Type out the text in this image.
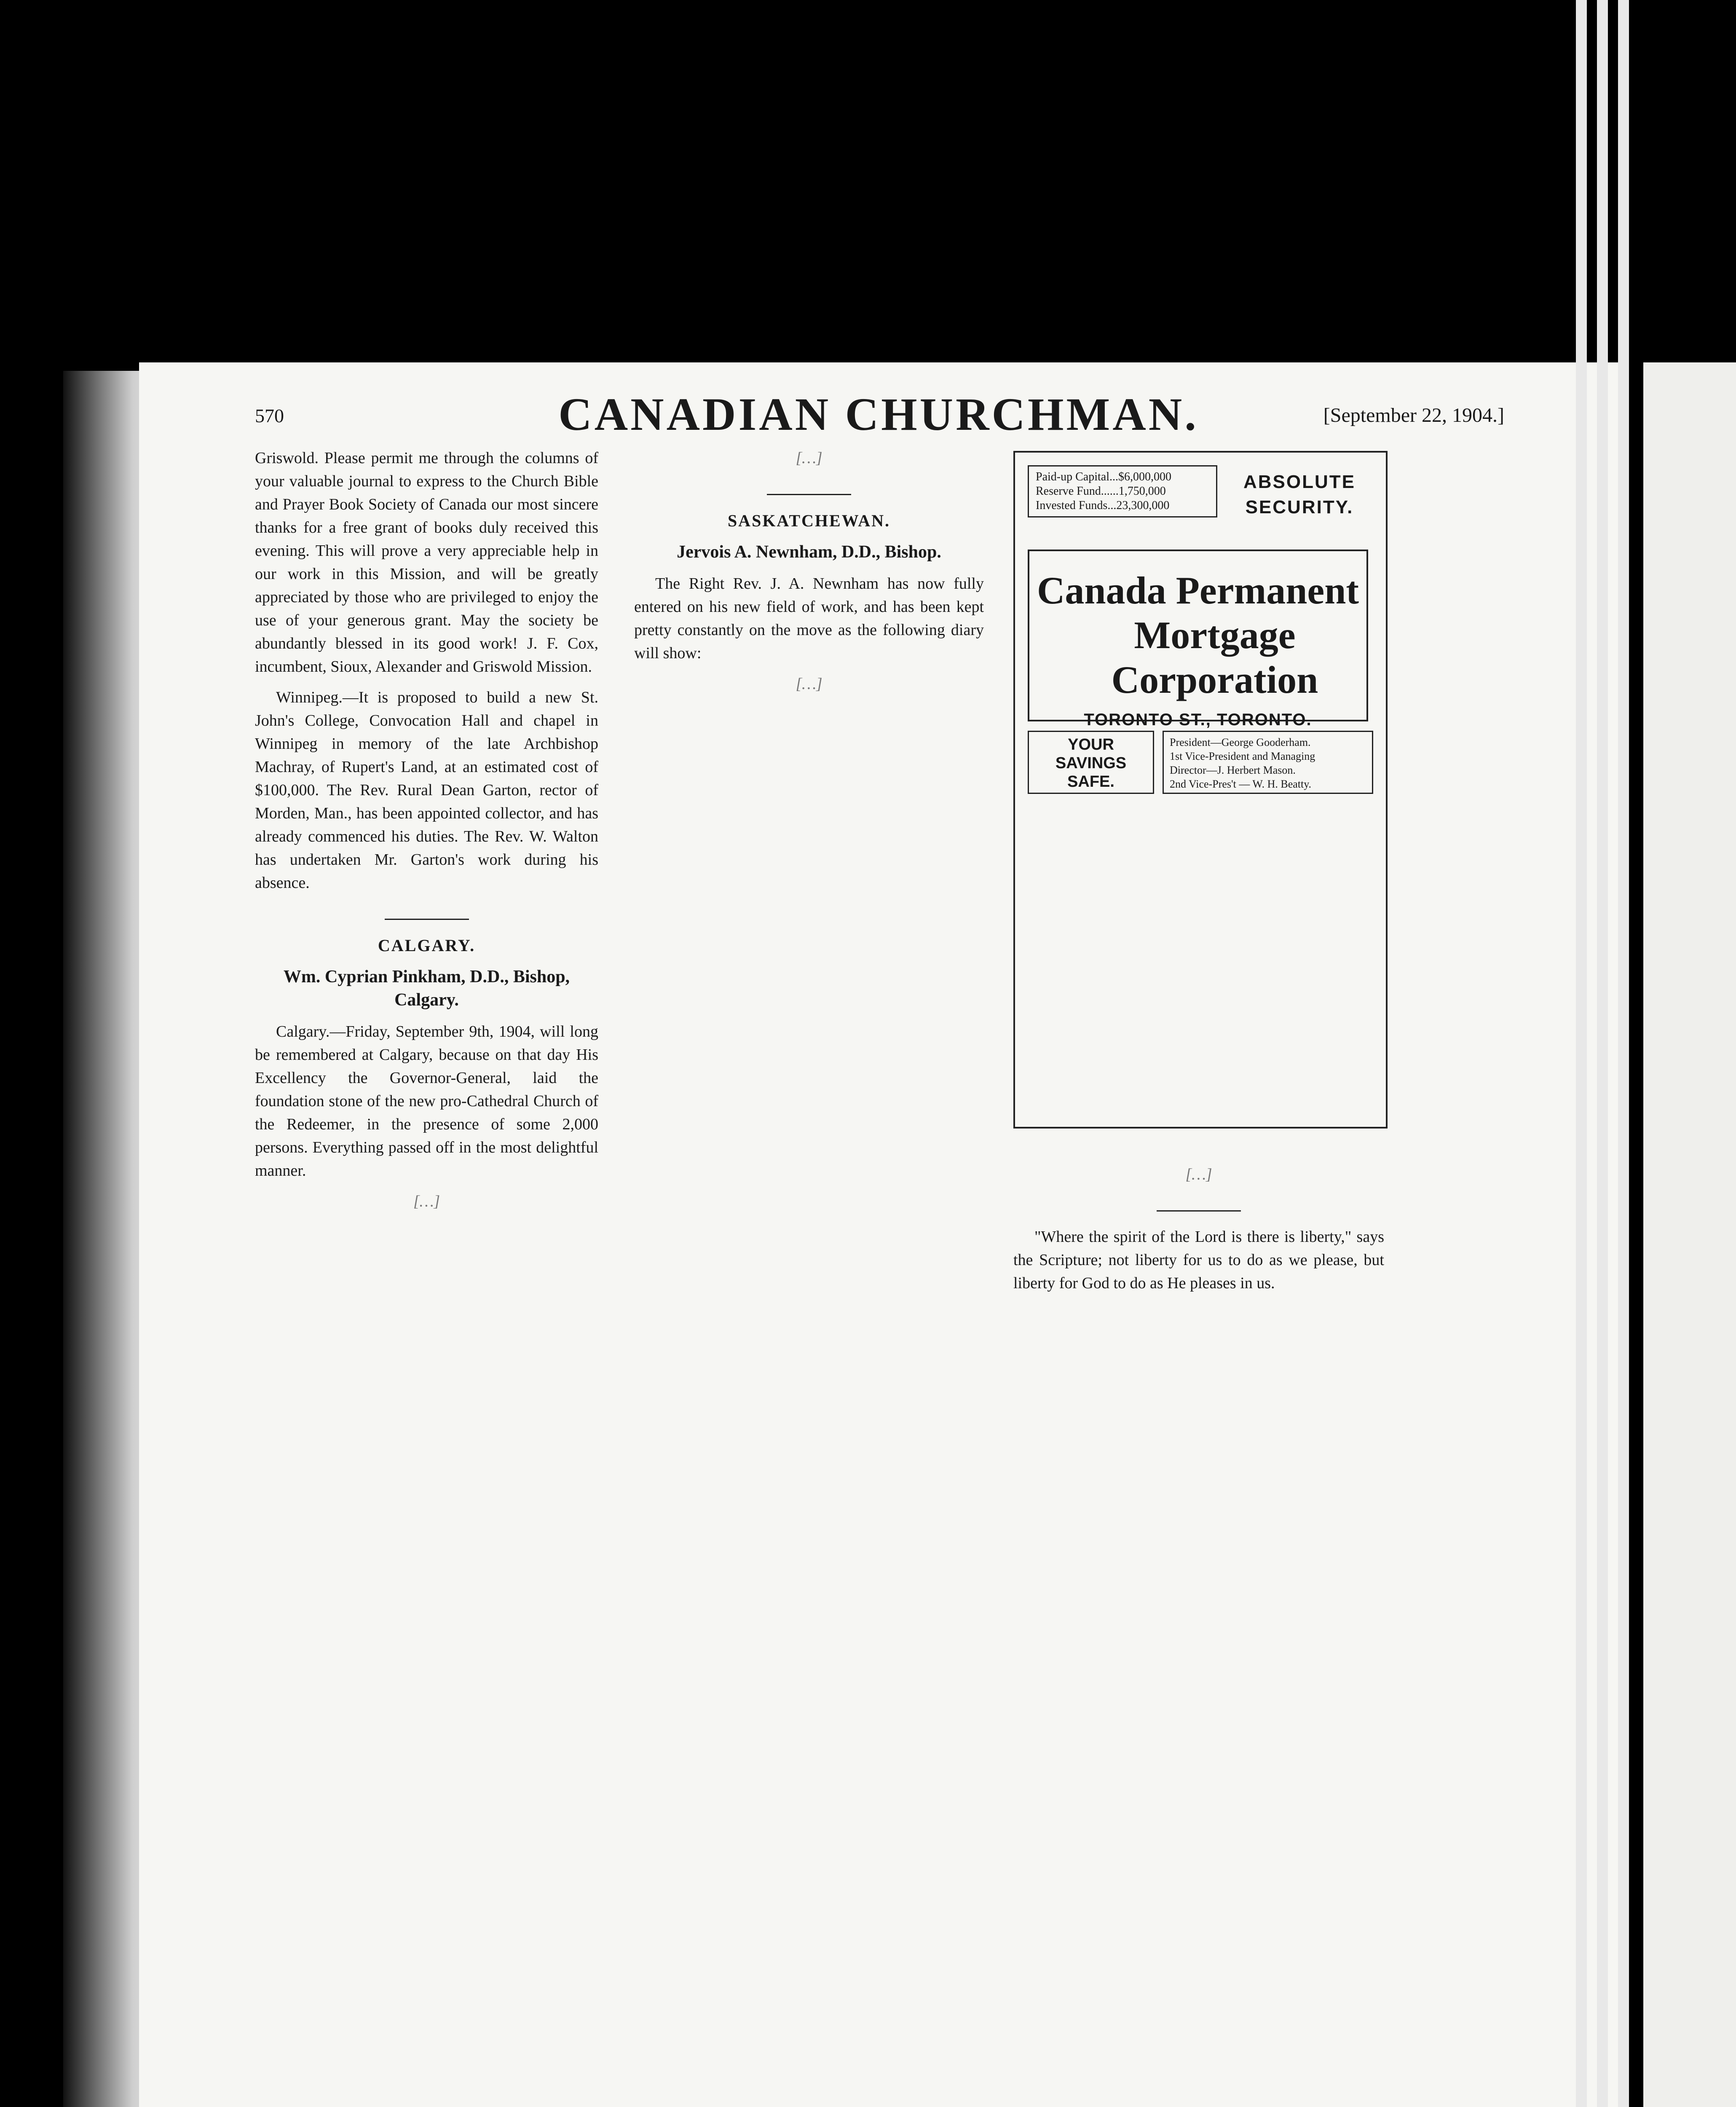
570	CANADIAN CHURCHMAN.	[September 22, 1904.]

Griswold. Please permit me through the columns of your valuable journal to express to the Church Bible and Prayer Book Society of Canada our most sincere thanks for a free grant of books duly received this evening. This will prove a very appreciable help in our work in this Mission, and will be greatly appreciated by those who are privileged to enjoy the use of your generous grant. May the society be abundantly blessed in its good work! J. F. Cox, incumbent, Sioux, Alexander and Griswold Mission.

Winnipeg.—It is proposed to build a new St. John's College, Convocation Hall and chapel in Winnipeg in memory of the late Archbishop Machray, of Rupert's Land, at an estimated cost of $100,000. The Rev. Rural Dean Garton, rector of Morden, Man., has been appointed collector, and has already commenced his duties. The Rev. W. Walton has undertaken Mr. Garton's work during his absence.

CALGARY.
Wm. Cyprian Pinkham, D.D., Bishop, Calgary.

Calgary.—Friday, September 9th, 1904, will long be remembered at Calgary, because on that day His Excellency the Governor-General, laid the foundation stone of the new pro-Cathedral Church of the Redeemer, in the presence of some 2,000 persons. Everything passed off in the most delightful manner.

[…]

[…]

SASKATCHEWAN.
Jervois A. Newnham, D.D., Bishop.

The Right Rev. J. A. Newnham has now fully entered on his new field of work, and has been kept pretty constantly on the move as the following diary will show:

[…]

Paid-up Capital...$6,000,000
Reserve Fund......1,750,000
Invested Funds...23,300,000
ABSOLUTE
SECURITY.
Canada Permanent
Mortgage Corporation
TORONTO ST., TORONTO.
YOUR
SAVINGS
SAFE.
President—George Gooderham.
1st Vice-President and Managing
Director—J. Herbert Mason.
2nd Vice-Pres't — W. H. Beatty.

[…]

"Where the spirit of the Lord is there is liberty," says the Scripture; not liberty for us to do as we please, but liberty for God to do as He pleases in us.
